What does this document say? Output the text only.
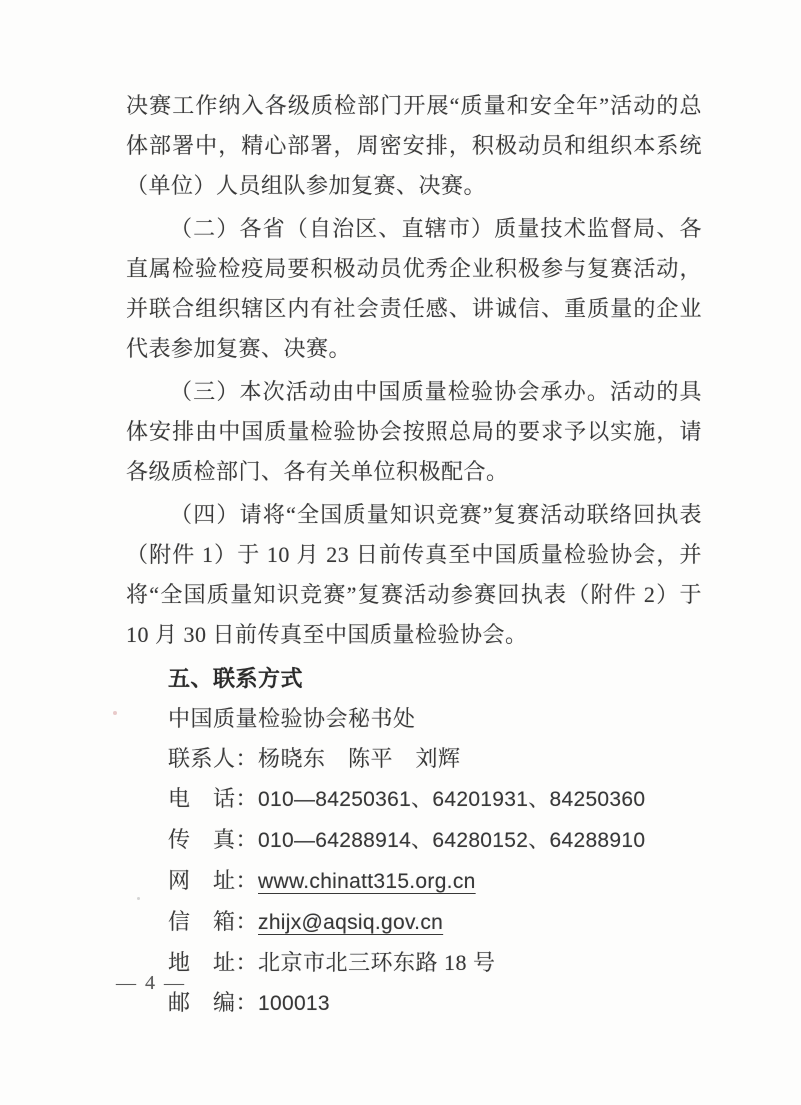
决赛工作纳入各级质检部门开展“质量和安全年”活动的总体部署中，精心部署，周密安排，积极动员和组织本系统（单位）人员组队参加复赛、决赛。

（二）各省（自治区、直辖市）质量技术监督局、各直属检验检疫局要积极动员优秀企业积极参与复赛活动，并联合组织辖区内有社会责任感、讲诚信、重质量的企业代表参加复赛、决赛。

（三）本次活动由中国质量检验协会承办。活动的具体安排由中国质量检验协会按照总局的要求予以实施，请各级质检部门、各有关单位积极配合。

（四）请将“全国质量知识竞赛”复赛活动联络回执表（附件 1）于 10 月 23 日前传真至中国质量检验协会，并将“全国质量知识竞赛”复赛活动参赛回执表（附件 2）于 10 月 30 日前传真至中国质量检验协会。

五、联系方式

中国质量检验协会秘书处

联系人：杨晓东　陈平　刘辉

电　话：010—84250361、64201931、84250360

传　真：010—64288914、64280152、64288910

网　址：www.chinatt315.org.cn

信　箱：zhijx@aqsiq.gov.cn

地　址：北京市北三环东路 18 号

邮　编：100013

— 4 —
